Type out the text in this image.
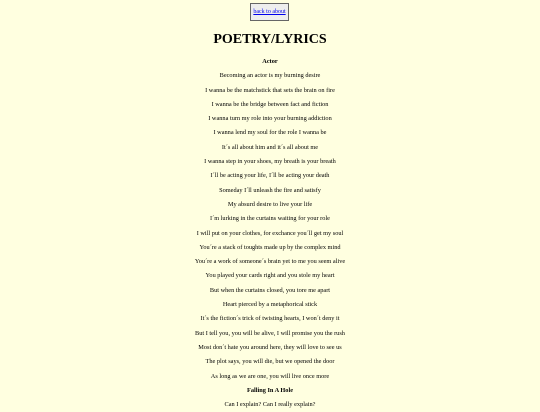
back to about
POETRY/LYRICS
Actor
Becoming an actor is my burning desire
I wanna be the matchstick that sets the brain on fire
I wanna be the bridge between fact and fiction
I wanna turn my role into your burning addiction
I wanna lend my soul for the role I wanna be
It´s all about him and it´s all about me
I wanna step in your shoes, my breath is your breath
I´ll be acting your life, I´ll be acting your death
Someday I´ll unleash the fire and satisfy
My absurd desire to live your life
I´m lurking in the curtains waiting for your role
I will put on your clothes, for exchance you´ll get my soul
You´re a stack of toughts made up by the complex mind
You´re a work of someone´s brain yet to me you seem alive
You played your cards right and you stole my heart
But when the curtains closed, you tore me apart
Heart pierced by a metaphorical stick
It´s the fiction´s trick of twisting hearts, I won´t deny it
But I tell you, you will be alive, I will promise you the rush
Most don´t hate you around here, they will love to see us
The plot says, you will die, but we opened the door
As long as we are one, you will live once more
Falling In A Hole
Can I explain? Can I really explain?
